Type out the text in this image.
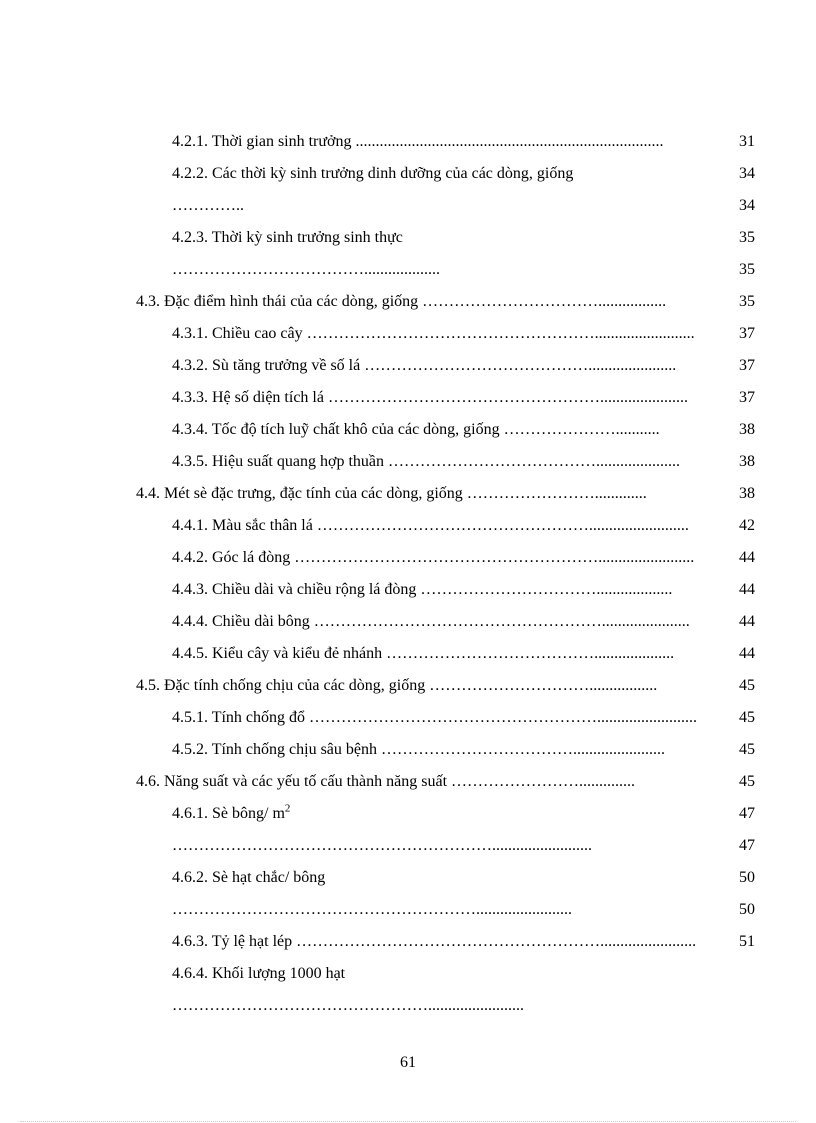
4.2.1. Thời gian sinh trưởng .............................................................................	31
4.2.2. Các thời kỳ sinh trưởng dinh dưỡng của các dòng, giống	34
…………..	34
4.2.3. Thời kỳ sinh trưởng sinh thực	35
………………………………...................	35
4.3. Đặc điểm hình thái của các dòng, giống …………………………….................	35
4.3.1. Chiều cao cây ……………………………………………….........................	37
4.3.2. Sù tăng trưởng về số lá ……………………………………......................	37
4.3.3. Hệ số diện tích lá ……………………………………………......................	37
4.3.4. Tốc độ tích luỹ chất khô của các dòng, giống …………………...........	38
4.3.5. Hiệu suất quang hợp thuần ………………………………….....................	38
4.4. Mét sè đặc trưng, đặc tính của các dòng, giống …………………….............	38
4.4.1. Màu sắc thân lá …………………………………………….........................	42
4.4.2. Góc lá đòng …………………………………………………........................	44
4.4.3. Chiều dài và chiều rộng lá đòng ……………………………...................	44
4.4.4. Chiều dài bông ………………………………………………......................	44
4.4.5. Kiểu cây và kiểu đẻ nhánh …………………………………....................	44
4.5. Đặc tính chống chịu của các dòng, giống ………………………….................	45
4.5.1. Tính chống đổ ……………………………………………….........................	45
4.5.2. Tính chống chịu sâu bệnh ……………………………….......................	45
4.6. Năng suất và các yếu tố cấu thành năng suất ……………………..............	45
4.6.1. Sè bông/ $m^2$	47
…………………………………………………….........................	47
4.6.2. Sè hạt chắc/ bông	50
…………………………………………………........................	50
4.6.3. Tỷ lệ hạt lép …………………………………………………........................	51
4.6.4. Khối lượng 1000 hạt
…………………………………………........................
61
